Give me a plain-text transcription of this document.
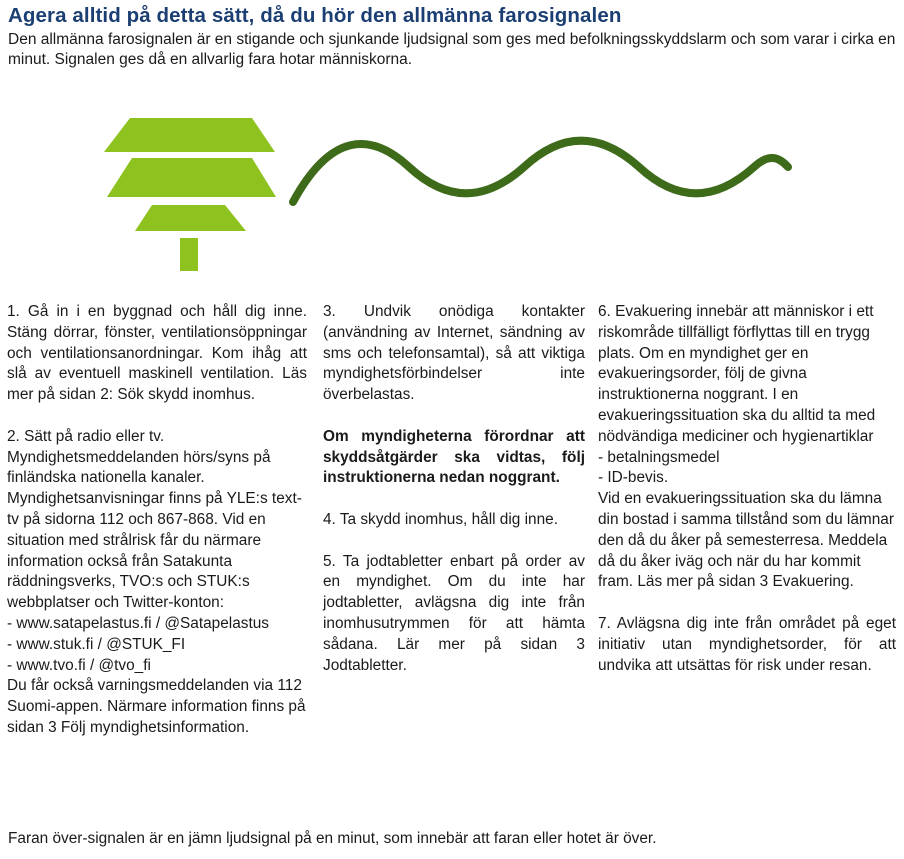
Agera alltid på detta sätt, då du hör den allmänna farosignalen
Den allmänna farosignalen är en stigande och sjunkande ljudsignal som ges med befolkningsskyddslarm och som varar i cirka en minut. Signalen ges då en allvarlig fara hotar människorna.

1. Gå in i en byggnad och håll dig inne. Stäng dörrar, fönster, ventilationsöppningar och ventilationsanordningar. Kom ihåg att slå av eventuell maskinell ventilation. Läs mer på sidan 2: Sök skydd inomhus.

2. Sätt på radio eller tv. Myndighetsmeddelanden hörs/syns på finländska nationella kanaler. Myndighetsanvisningar finns på YLE:s text-tv på sidorna 112 och 867-868. Vid en situation med strålrisk får du närmare information också från Satakunta räddningsverks, TVO:s och STUK:s webbplatser och Twitter-konton:
- www.satapelastus.fi / @Satapelastus
- www.stuk.fi / @STUK_FI
- www.tvo.fi / @tvo_fi
Du får också varningsmeddelanden via 112 Suomi-appen. Närmare information finns på sidan 3 Följ myndighetsinformation.

3. Undvik onödiga kontakter (användning av Internet, sändning av sms och telefonsamtal), så att viktiga myndighetsförbindelser inte överbelastas.

Om myndigheterna förordnar att skyddsåtgärder ska vidtas, följ instruktionerna nedan noggrant.

4. Ta skydd inomhus, håll dig inne.

5. Ta jodtabletter enbart på order av en myndighet. Om du inte har jodtabletter, avlägsna dig inte från inomhusutrymmen för att hämta sådana. Lär mer på sidan 3 Jodtabletter.

6. Evakuering innebär att människor i ett riskområde tillfälligt förflyttas till en trygg plats. Om en myndighet ger en evakueringsorder, följ de givna instruktionerna noggrant. I en evakueringssituation ska du alltid ta med nödvändiga mediciner och hygienartiklar
- betalningsmedel
- ID-bevis.
Vid en evakueringssituation ska du lämna din bostad i samma tillstånd som du lämnar den då du åker på semesterresa. Meddela då du åker iväg och när du har kommit fram. Läs mer på sidan 3 Evakuering.

7. Avlägsna dig inte från området på eget initiativ utan myndighetsorder, för att undvika att utsättas för risk under resan.

Faran över-signalen är en jämn ljudsignal på en minut, som innebär att faran eller hotet är över.
